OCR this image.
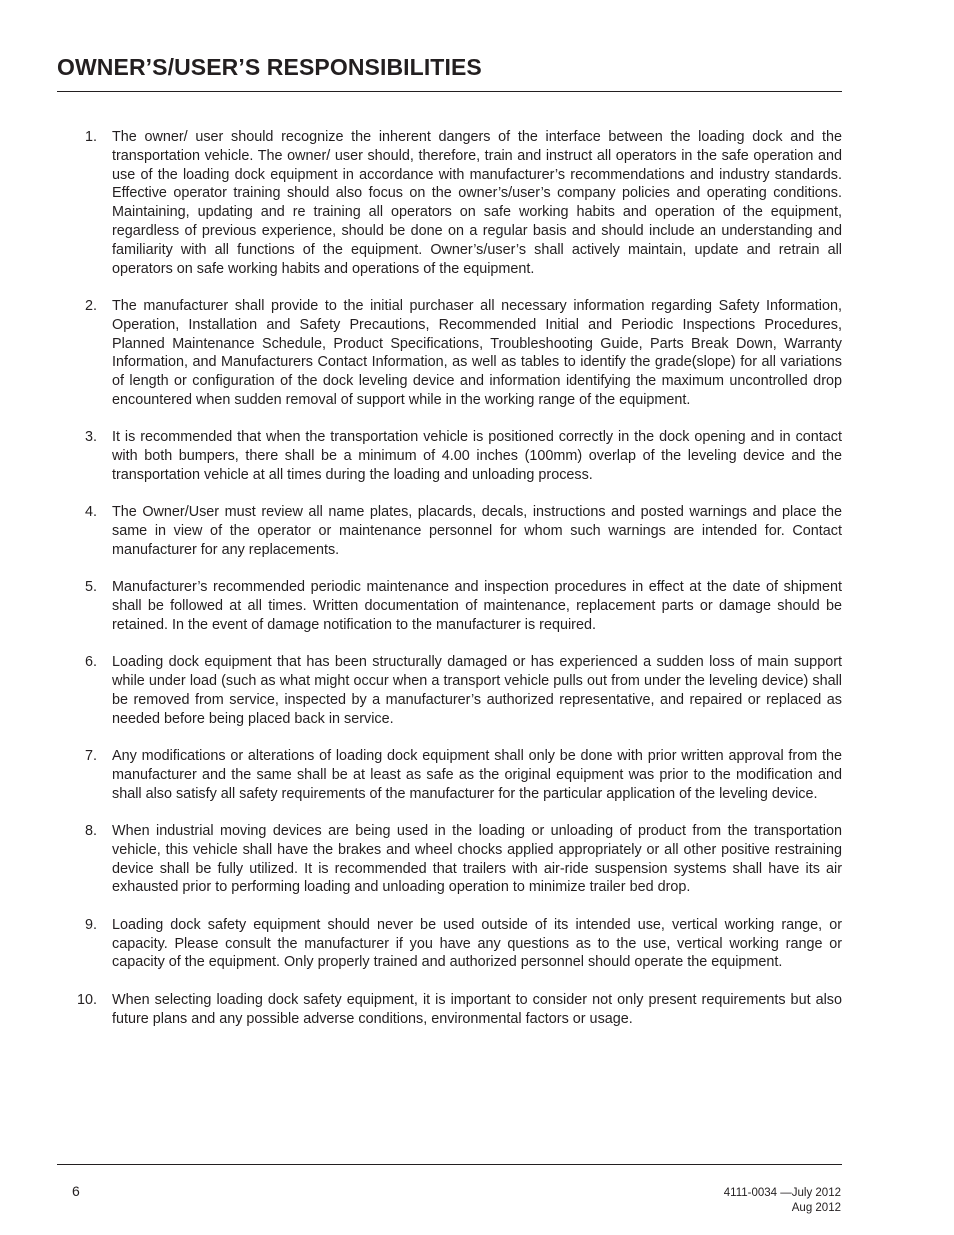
OWNER’S/USER’S RESPONSIBILITIES
1. The owner/ user should recognize the inherent dangers of the interface between the loading dock and the transportation vehicle. The owner/ user should, therefore, train and instruct all operators in the safe operation and use of the loading dock equipment in accordance with manufacturer’s recommendations and industry standards. Effective operator training should also focus on the owner’s/user’s company policies and operating conditions. Maintaining, updating and re training all operators on safe working habits and operation of the equipment, regardless of previous experience, should be done on a regular basis and should include an understanding and familiarity with all functions of the equipment. Owner’s/user’s shall actively maintain, update and retrain all operators on safe working habits and operations of the equipment.
2. The manufacturer shall provide to the initial purchaser all necessary information regarding Safety Information, Operation, Installation and Safety Precautions, Recommended Initial and Periodic Inspections Procedures, Planned Maintenance Schedule, Product Specifications, Troubleshooting Guide, Parts Break Down, Warranty Information, and Manufacturers Contact Information, as well as tables to identify the grade(slope) for all variations of length or configuration of the dock leveling device and information identifying the maximum uncontrolled drop encountered when sudden removal of support while in the working range of the equipment.
3. It is recommended that when the transportation vehicle is positioned correctly in the dock opening and in contact with both bumpers, there shall be a minimum of 4.00 inches (100mm) overlap of the leveling device and the transportation vehicle at all times during the loading and unloading process.
4. The Owner/User must review all name plates, placards, decals, instructions and posted warnings and place the same in view of the operator or maintenance personnel for whom such warnings are intended for. Contact manufacturer for any replacements.
5. Manufacturer’s recommended periodic maintenance and inspection procedures in effect at the date of shipment shall be followed at all times. Written documentation of maintenance, replacement parts or damage should be retained. In the event of damage notification to the manufacturer is required.
6. Loading dock equipment that has been structurally damaged or has experienced a sudden loss of main support while under load (such as what might occur when a transport vehicle pulls out from under the leveling device) shall be removed from service, inspected by a manufacturer’s authorized representative, and repaired or replaced as needed before being placed back in service.
7. Any modifications or alterations of loading dock equipment shall only be done with prior written approval from the manufacturer and the same shall be at least as safe as the original equipment was prior to the modification and shall also satisfy all safety requirements of the manufacturer for the particular application of the leveling device.
8. When industrial moving devices are being used in the loading or unloading of product from the transportation vehicle, this vehicle shall have the brakes and wheel chocks applied appropriately or all other positive restraining device shall be fully utilized. It is recommended that trailers with air-ride suspension systems shall have its air exhausted prior to performing loading and unloading operation to minimize trailer bed drop.
9. Loading dock safety equipment should never be used outside of its intended use, vertical working range, or capacity. Please consult the manufacturer if you have any questions as to the use, vertical working range or capacity of the equipment. Only properly trained and authorized personnel should operate the equipment.
10. When selecting loading dock safety equipment, it is important to consider not only present requirements but also future plans and any possible adverse conditions, environmental factors or usage.
6	4111-0034 —July 2012
Aug 2012
